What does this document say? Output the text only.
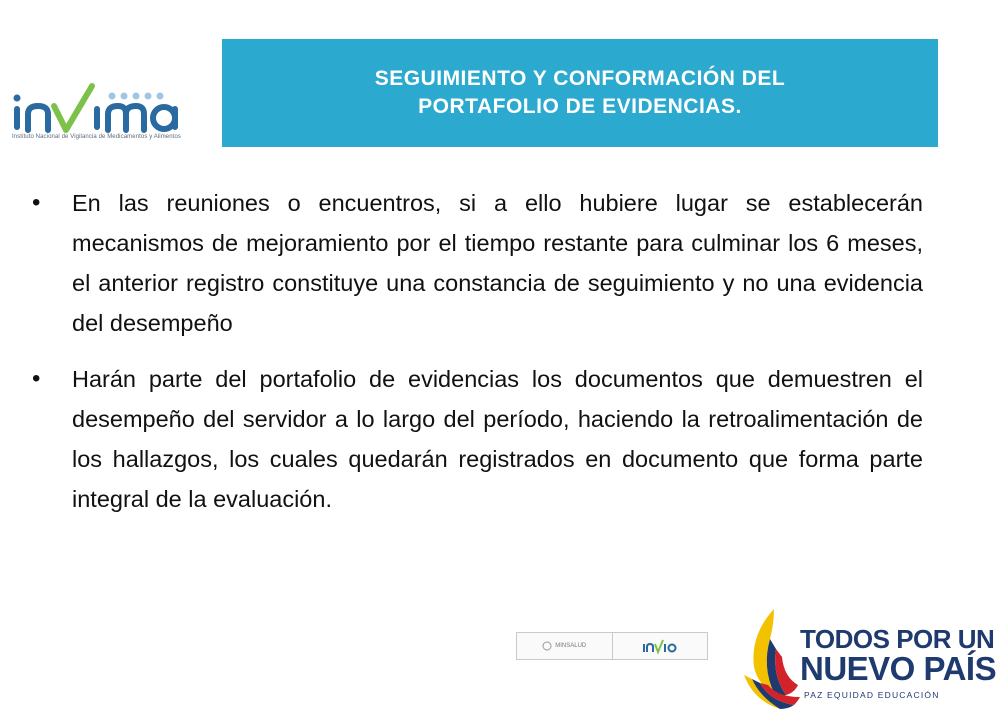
Instituto Nacional de Vigilancia de Medicamentos y Alimentos
SEGUIMIENTO Y CONFORMACIÓN DEL
PORTAFOLIO DE EVIDENCIAS.
•	En las reuniones o encuentros, si a ello hubiere lugar se establecerán mecanismos de mejoramiento por el tiempo restante para culminar los 6 meses, el anterior registro constituye una constancia de seguimiento y no una evidencia del desempeño
•	Harán parte del portafolio de evidencias los documentos que demuestren el desempeño del servidor a lo largo del período, haciendo la retroalimentación de los hallazgos, los cuales quedarán registrados en documento que forma parte integral de la evaluación.
MINSALUD	TODOS POR UN
NUEVO PAÍS
PAZ EQUIDAD EDUCACIÓN
